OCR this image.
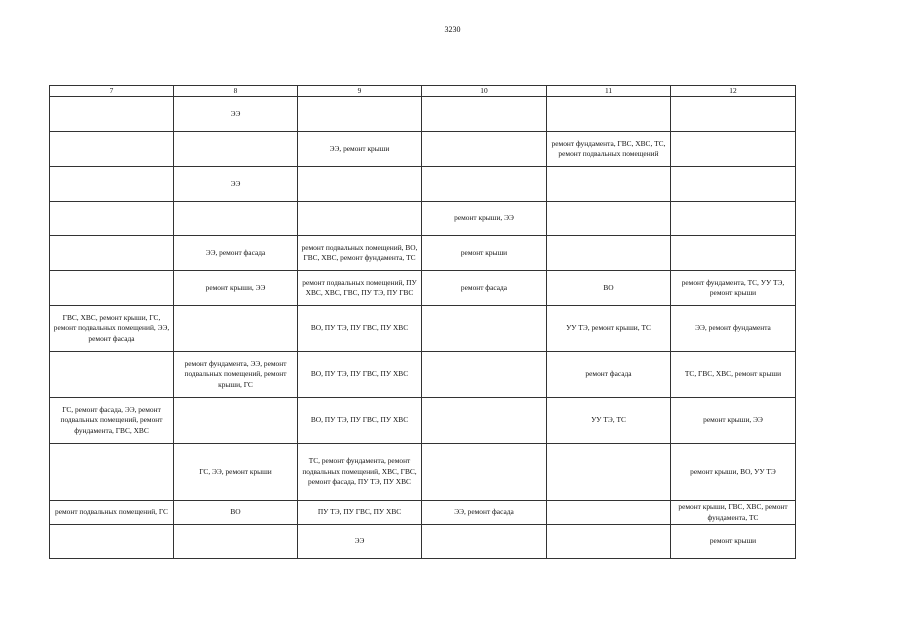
3230
7	8	9	10	11	12
	ЭЭ				
		ЭЭ, ремонт крыши		ремонт фундамента, ГВС, ХВС, ТС, ремонт подвальных помещений	
	ЭЭ				
			ремонт крыши, ЭЭ		
	ЭЭ, ремонт фасада	ремонт подвальных помещений, ВО, ГВС, ХВС, ремонт фундамента, ТС	ремонт крыши		
	ремонт крыши, ЭЭ	ремонт подвальных помещений, ПУ ХВС, ХВС, ГВС, ПУ ТЭ, ПУ ГВС	ремонт фасада	ВО	ремонт фундамента, ТС, УУ ТЭ, ремонт крыши
ГВС, ХВС, ремонт крыши, ГС, ремонт подвальных помещений, ЭЭ, ремонт фасада		ВО, ПУ ТЭ, ПУ ГВС, ПУ ХВС		УУ ТЭ, ремонт крыши, ТС	ЭЭ, ремонт фундамента
	ремонт фундамента, ЭЭ, ремонт подвальных помещений, ремонт крыши, ГС	ВО, ПУ ТЭ, ПУ ГВС, ПУ ХВС		ремонт фасада	ТС, ГВС, ХВС, ремонт крыши
ГС, ремонт фасада, ЭЭ, ремонт подвальных помещений, ремонт фундамента, ГВС, ХВС		ВО, ПУ ТЭ, ПУ ГВС, ПУ ХВС		УУ ТЭ, ТС	ремонт крыши, ЭЭ
	ГС, ЭЭ, ремонт крыши	ТС, ремонт фундамента, ремонт подвальных помещений, ХВС, ГВС, ремонт фасада, ПУ ТЭ, ПУ ХВС			ремонт крыши, ВО, УУ ТЭ
ремонт подвальных помещений, ГС	ВО	ПУ ТЭ, ПУ ГВС, ПУ ХВС	ЭЭ, ремонт фасада		ремонт крыши, ГВС, ХВС, ремонт фундамента, ТС
		ЭЭ			ремонт крыши
